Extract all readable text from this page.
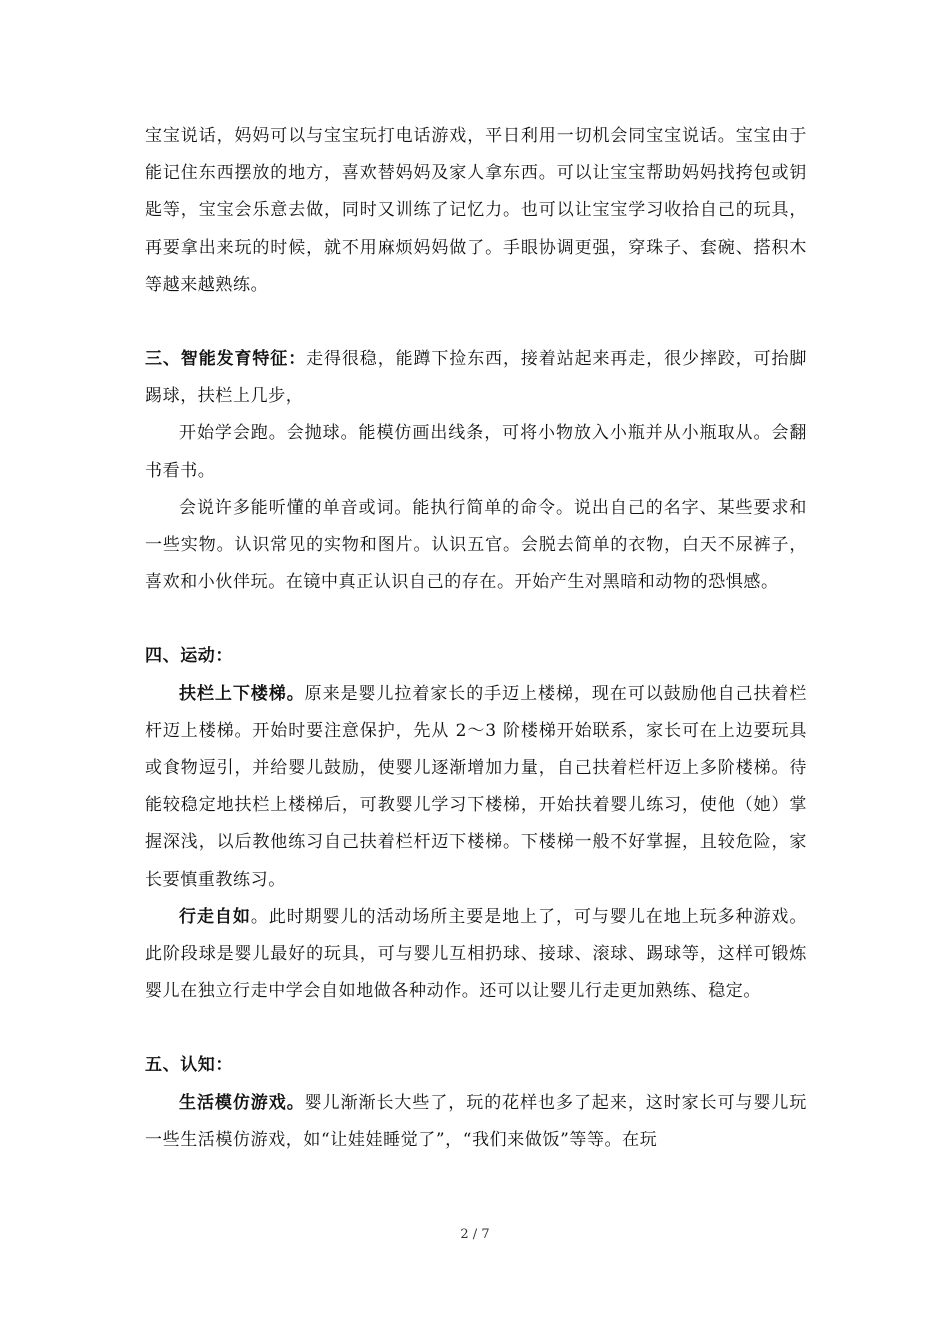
宝宝说话，妈妈可以与宝宝玩打电话游戏，平日利用一切机会同宝宝说话。宝宝由于能记住东西摆放的地方，喜欢替妈妈及家人拿东西。可以让宝宝帮助妈妈找挎包或钥匙等，宝宝会乐意去做，同时又训练了记忆力。也可以让宝宝学习收拾自己的玩具，再要拿出来玩的时候，就不用麻烦妈妈做了。手眼协调更强，穿珠子、套碗、搭积木等越来越熟练。

三、智能发育特征：走得很稳，能蹲下捡东西，接着站起来再走，很少摔跤，可抬脚踢球，扶栏上几步，

开始学会跑。会抛球。能模仿画出线条，可将小物放入小瓶并从小瓶取从。会翻书看书。

会说许多能听懂的单音或词。能执行简单的命令。说出自己的名字、某些要求和一些实物。认识常见的实物和图片。认识五官。会脱去简单的衣物，白天不尿裤子，喜欢和小伙伴玩。在镜中真正认识自己的存在。开始产生对黑暗和动物的恐惧感。

四、运动：

扶栏上下楼梯。原来是婴儿拉着家长的手迈上楼梯，现在可以鼓励他自己扶着栏杆迈上楼梯。开始时要注意保护，先从 2～3 阶楼梯开始联系，家长可在上边要玩具或食物逗引，并给婴儿鼓励，使婴儿逐渐增加力量，自己扶着栏杆迈上多阶楼梯。待能较稳定地扶栏上楼梯后，可教婴儿学习下楼梯，开始扶着婴儿练习，使他（她）掌握深浅，以后教他练习自己扶着栏杆迈下楼梯。下楼梯一般不好掌握，且较危险，家长要慎重教练习。

行走自如。此时期婴儿的活动场所主要是地上了，可与婴儿在地上玩多种游戏。此阶段球是婴儿最好的玩具，可与婴儿互相扔球、接球、滚球、踢球等，这样可锻炼婴儿在独立行走中学会自如地做各种动作。还可以让婴儿行走更加熟练、稳定。

五、认知：

生活模仿游戏。婴儿渐渐长大些了，玩的花样也多了起来，这时家长可与婴儿玩一些生活模仿游戏，如“让娃娃睡觉了”，“我们来做饭”等等。在玩

2 / 7
